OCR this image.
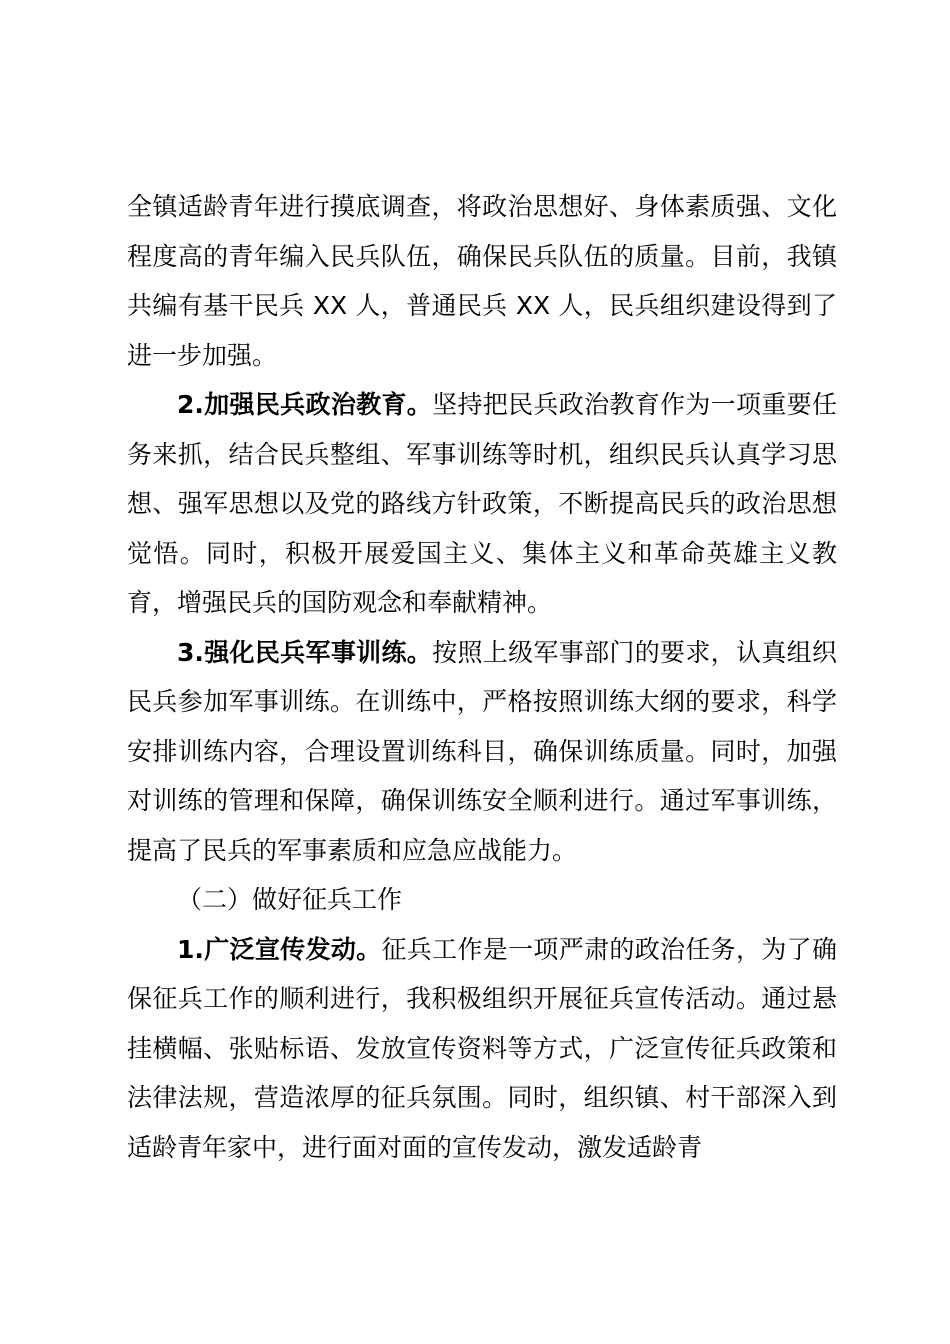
全镇适龄青年进行摸底调查，将政治思想好、身体素质强、文化程度高的青年编入民兵队伍，确保民兵队伍的质量。目前，我镇共编有基干民兵 XX 人，普通民兵 XX 人，民兵组织建设得到了进一步加强。

2.加强民兵政治教育。坚持把民兵政治教育作为一项重要任务来抓，结合民兵整组、军事训练等时机，组织民兵认真学习思想、强军思想以及党的路线方针政策，不断提高民兵的政治思想觉悟。同时，积极开展爱国主义、集体主义和革命英雄主义教育，增强民兵的国防观念和奉献精神。

3.强化民兵军事训练。按照上级军事部门的要求，认真组织民兵参加军事训练。在训练中，严格按照训练大纲的要求，科学安排训练内容，合理设置训练科目，确保训练质量。同时，加强对训练的管理和保障，确保训练安全顺利进行。通过军事训练，提高了民兵的军事素质和应急应战能力。

（二）做好征兵工作

1.广泛宣传发动。征兵工作是一项严肃的政治任务，为了确保征兵工作的顺利进行，我积极组织开展征兵宣传活动。通过悬挂横幅、张贴标语、发放宣传资料等方式，广泛宣传征兵政策和法律法规，营造浓厚的征兵氛围。同时，组织镇、村干部深入到适龄青年家中，进行面对面的宣传发动，激发适龄青
